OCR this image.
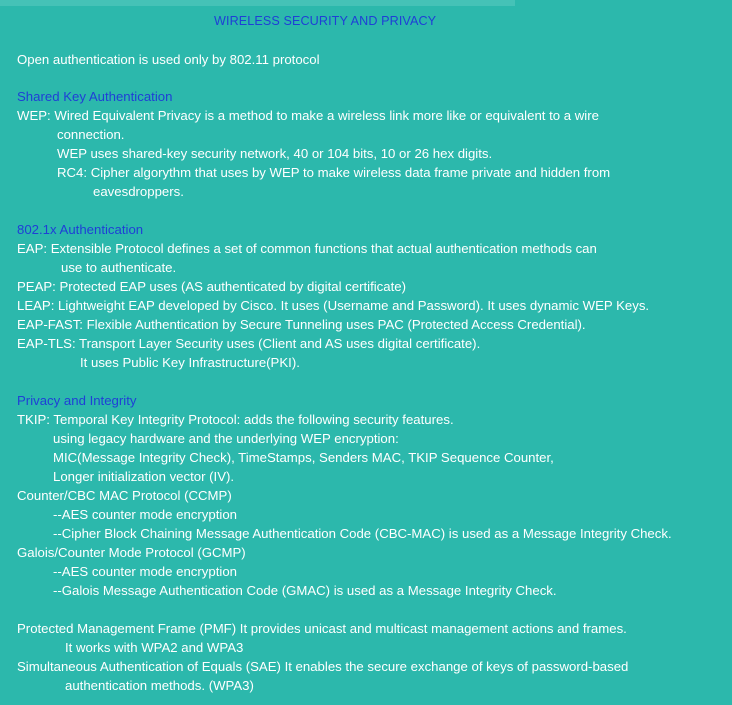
WIRELESS SECURITY AND PRIVACY
Open authentication is used only by 802.11 protocol
Shared Key Authentication
WEP: Wired Equivalent Privacy is a method to make a wireless link more like or equivalent to a wire
connection.
WEP uses shared-key security network, 40 or 104 bits, 10 or 26 hex digits.
RC4: Cipher algorythm that uses by WEP to make wireless data frame private and hidden from
eavesdroppers.
802.1x Authentication
EAP: Extensible Protocol defines a set of common functions that actual authentication methods can
use to authenticate.
PEAP: Protected EAP uses (AS authenticated by digital certificate)
LEAP: Lightweight EAP developed by Cisco. It uses (Username and Password). It uses dynamic WEP Keys.
EAP-FAST: Flexible Authentication by Secure Tunneling uses PAC (Protected Access Credential).
EAP-TLS: Transport Layer Security uses (Client and AS uses digital certificate).
It uses Public Key Infrastructure(PKI).
Privacy and Integrity
TKIP: Temporal Key Integrity Protocol: adds the following security features.
using legacy hardware and the underlying WEP encryption:
MIC(Message Integrity Check), TimeStamps, Senders MAC, TKIP Sequence Counter,
Longer initialization vector (IV).
Counter/CBC MAC Protocol (CCMP)
--AES counter mode encryption
--Cipher Block Chaining Message Authentication Code (CBC-MAC) is used as a Message Integrity Check.
Galois/Counter Mode Protocol (GCMP)
--AES counter mode encryption
--Galois Message Authentication Code (GMAC) is used as a Message Integrity Check.
Protected Management Frame (PMF) It provides unicast and multicast management actions and frames.
It works with WPA2 and WPA3
Simultaneous Authentication of Equals (SAE) It enables the secure exchange of keys of password-based
authentication methods. (WPA3)
